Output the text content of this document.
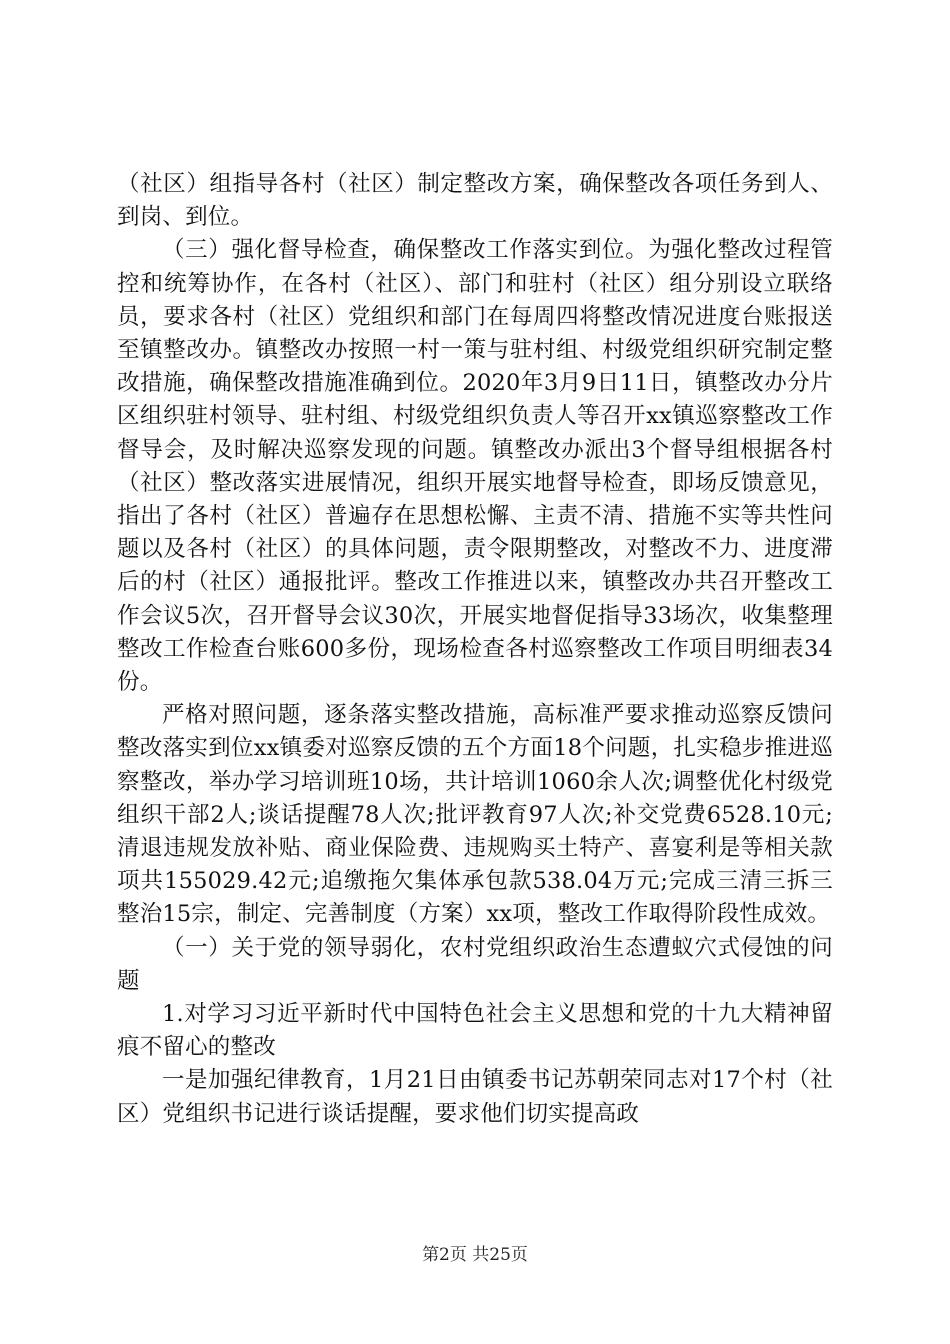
（社区）组指导各村（社区）制定整改方案，确保整改各项任务到人、到岗、到位。

（三）强化督导检查，确保整改工作落实到位。为强化整改过程管控和统筹协作，在各村（社区）、部门和驻村（社区）组分别设立联络员，要求各村（社区）党组织和部门在每周四将整改情况进度台账报送至镇整改办。镇整改办按照一村一策与驻村组、村级党组织研究制定整改措施，确保整改措施准确到位。2020年3月9日11日，镇整改办分片区组织驻村领导、驻村组、村级党组织负责人等召开xx镇巡察整改工作督导会，及时解决巡察发现的问题。镇整改办派出3个督导组根据各村（社区）整改落实进展情况，组织开展实地督导检查，即场反馈意见，指出了各村（社区）普遍存在思想松懈、主责不清、措施不实等共性问题以及各村（社区）的具体问题，责令限期整改，对整改不力、进度滞后的村（社区）通报批评。整改工作推进以来，镇整改办共召开整改工作会议5次，召开督导会议30次，开展实地督促指导33场次，收集整理整改工作检查台账600多份，现场检查各村巡察整改工作项目明细表34份。

严格对照问题，逐条落实整改措施，高标准严要求推动巡察反馈问整改落实到位xx镇委对巡察反馈的五个方面18个问题，扎实稳步推进巡察整改，举办学习培训班10场，共计培训1060余人次;调整优化村级党组织干部2人;谈话提醒78人次;批评教育97人次;补交党费6528.10元;清退违规发放补贴、商业保险费、违规购买土特产、喜宴利是等相关款项共155029.42元;追缴拖欠集体承包款538.04万元;完成三清三拆三整治15宗，制定、完善制度（方案）xx项，整改工作取得阶段性成效。

（一）关于党的领导弱化，农村党组织政治生态遭蚁穴式侵蚀的问题

1.对学习习近平新时代中国特色社会主义思想和党的十九大精神留痕不留心的整改

一是加强纪律教育，1月21日由镇委书记苏朝荣同志对17个村（社区）党组织书记进行谈话提醒，要求他们切实提高政

第2页 共25页
